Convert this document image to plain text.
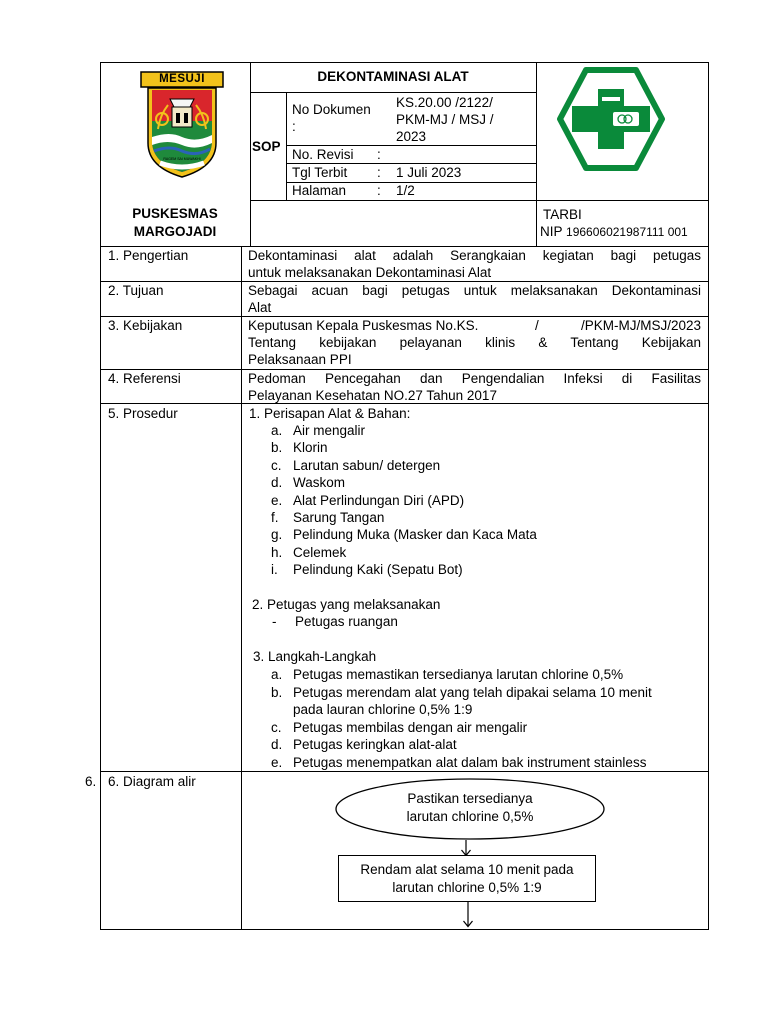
MESUJI
RAGEM SAI MUWAKHI
PUSKESMAS
MARGOJADI
DEKONTAMINASI ALAT
SOP
No Dokumen
:
KS.20.00 /2122/
PKM-MJ / MSJ /
2023
No. Revisi :
Tgl Terbit : 1 Juli 2023
Halaman : 1/2
TARBI
NIP 196606021987111 001
1. Pengertian	Dekontaminasi alat adalah Serangkaian kegiatan bagi petugas
untuk melaksanakan Dekontaminasi Alat
2. Tujuan	Sebagai acuan bagi petugas untuk melaksanakan Dekontaminasi
Alat
3. Kebijakan	Keputusan Kepala Puskesmas No.KS.	/	/PKM-MJ/MSJ/2023
Tentang kebijakan pelayanan klinis & Tentang Kebijakan
Pelaksanaan PPI
4. Referensi	Pedoman Pencegahan dan Pengendalian Infeksi di Fasilitas
Pelayanan Kesehatan NO.27 Tahun 2017
5. Prosedur	1. Perisapan Alat & Bahan:
a. Air mengalir
b. Klorin
c. Larutan sabun/ detergen
d. Waskom
e. Alat Perlindungan Diri (APD)
f. Sarung Tangan
g. Pelindung Muka (Masker dan Kaca Mata
h. Celemek
i. Pelindung Kaki (Sepatu Bot)
2. Petugas yang melaksanakan
- Petugas ruangan
3. Langkah-Langkah
a. Petugas memastikan tersedianya larutan chlorine 0,5%
b. Petugas merendam alat yang telah dipakai selama 10 menit
pada lauran chlorine 0,5% 1:9
c. Petugas membilas dengan air mengalir
d. Petugas keringkan alat-alat
e. Petugas menempatkan alat dalam bak instrument stainless
6. 6. Diagram alir
Pastikan tersedianya
larutan chlorine 0,5%
Rendam alat selama 10 menit pada
larutan chlorine 0,5% 1:9
